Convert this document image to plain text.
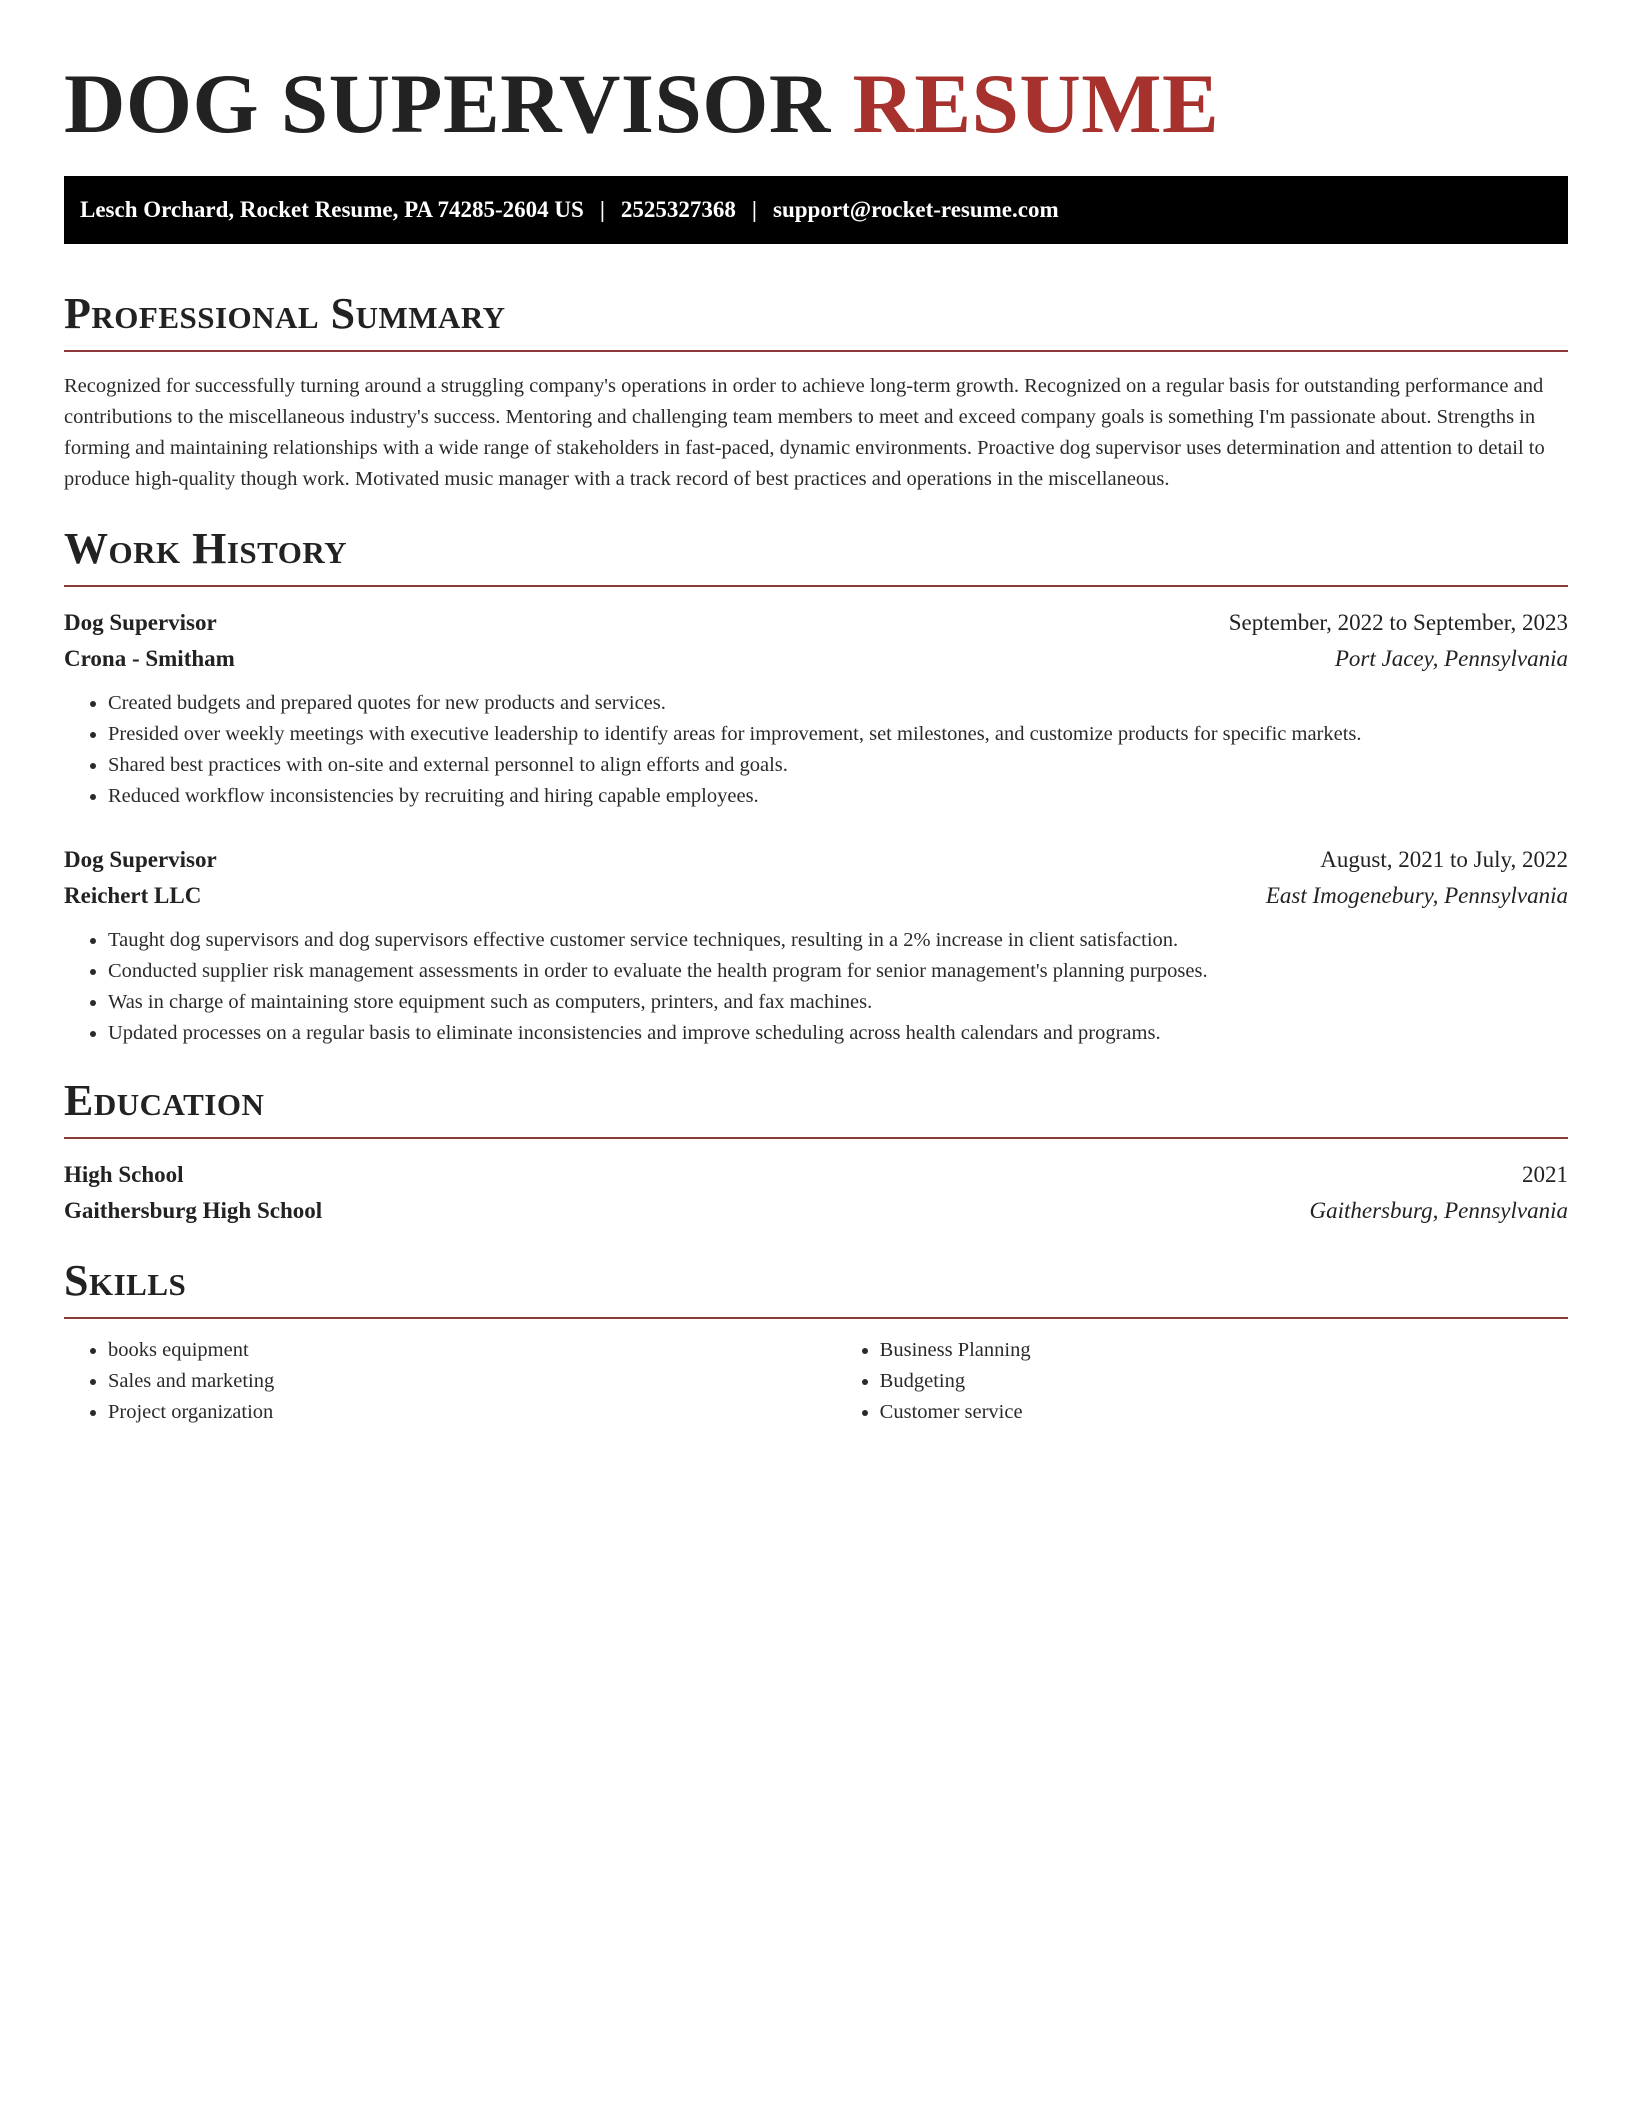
DOG SUPERVISOR RESUME
Lesch Orchard, Rocket Resume, PA 74285-2604 US | 2525327368 | support@rocket-resume.com
Professional Summary

Recognized for successfully turning around a struggling company's operations in order to achieve long-term growth. Recognized on a regular basis for outstanding performance and contributions to the miscellaneous industry's success. Mentoring and challenging team members to meet and exceed company goals is something I'm passionate about. Strengths in forming and maintaining relationships with a wide range of stakeholders in fast-paced, dynamic environments. Proactive dog supervisor uses determination and attention to detail to produce high-quality though work. Motivated music manager with a track record of best practices and operations in the miscellaneous.

Work History
Dog Supervisor	September, 2022 to September, 2023
Crona - Smitham	Port Jacey, Pennsylvania
• Created budgets and prepared quotes for new products and services.
• Presided over weekly meetings with executive leadership to identify areas for improvement, set milestones, and customize products for specific markets.
• Shared best practices with on-site and external personnel to align efforts and goals.
• Reduced workflow inconsistencies by recruiting and hiring capable employees.
Dog Supervisor	August, 2021 to July, 2022
Reichert LLC	East Imogenebury, Pennsylvania
• Taught dog supervisors and dog supervisors effective customer service techniques, resulting in a 2% increase in client satisfaction.
• Conducted supplier risk management assessments in order to evaluate the health program for senior management's planning purposes.
• Was in charge of maintaining store equipment such as computers, printers, and fax machines.
• Updated processes on a regular basis to eliminate inconsistencies and improve scheduling across health calendars and programs.
Education
High School	2021
Gaithersburg High School	Gaithersburg, Pennsylvania
Skills
• books equipment
• Sales and marketing
• Project organization
• Business Planning
• Budgeting
• Customer service
